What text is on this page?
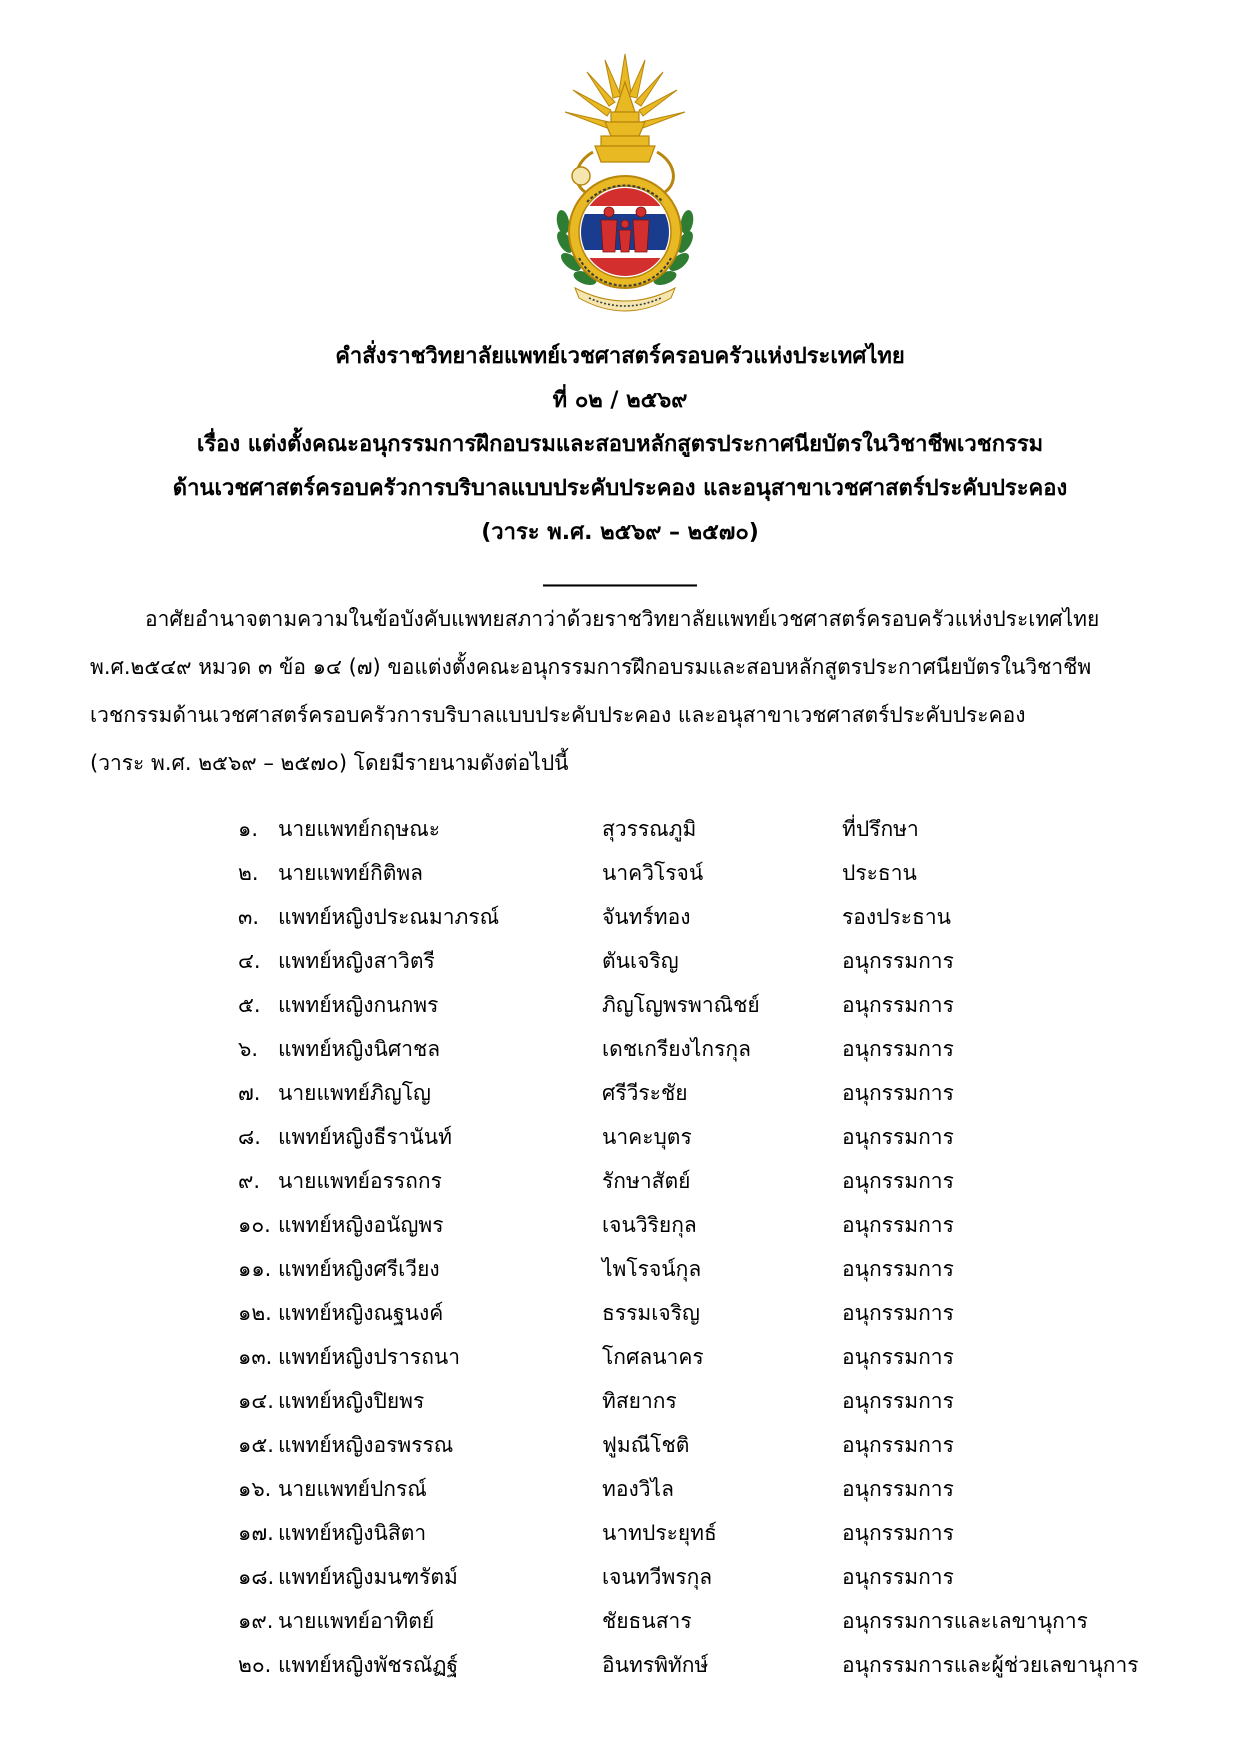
คำสั่งราชวิทยาลัยแพทย์เวชศาสตร์ครอบครัวแห่งประเทศไทย
ที่ ๐๒ / ๒๕๖๙
เรื่อง แต่งตั้งคณะอนุกรรมการฝึกอบรมและสอบหลักสูตรประกาศนียบัตรในวิชาชีพเวชกรรม
ด้านเวชศาสตร์ครอบครัวการบริบาลแบบประคับประคอง และอนุสาขาเวชศาสตร์ประคับประคอง
(วาระ พ.ศ. ๒๕๖๙ – ๒๕๗๐)
______________
อาศัยอำนาจตามความในข้อบังคับแพทยสภาว่าด้วยราชวิทยาลัยแพทย์เวชศาสตร์ครอบครัวแห่งประเทศไทย
พ.ศ.๒๕๔๙ หมวด ๓ ข้อ ๑๔ (๗) ขอแต่งตั้งคณะอนุกรรมการฝึกอบรมและสอบหลักสูตรประกาศนียบัตรในวิชาชีพ
เวชกรรมด้านเวชศาสตร์ครอบครัวการบริบาลแบบประคับประคอง และอนุสาขาเวชศาสตร์ประคับประคอง
(วาระ พ.ศ. ๒๕๖๙ – ๒๕๗๐) โดยมีรายนามดังต่อไปนี้
๑. นายแพทย์กฤษณะ	สุวรรณภูมิ	ที่ปรึกษา
๒. นายแพทย์กิติพล	นาควิโรจน์	ประธาน
๓. แพทย์หญิงประณมาภรณ์	จันทร์ทอง	รองประธาน
๔. แพทย์หญิงสาวิตรี	ตันเจริญ	อนุกรรมการ
๕. แพทย์หญิงกนกพร	ภิญโญพรพาณิชย์	อนุกรรมการ
๖. แพทย์หญิงนิศาชล	เดชเกรียงไกรกุล	อนุกรรมการ
๗. นายแพทย์ภิญโญ	ศรีวีระชัย	อนุกรรมการ
๘. แพทย์หญิงธีรานันท์	นาคะบุตร	อนุกรรมการ
๙. นายแพทย์อรรถกร	รักษาสัตย์	อนุกรรมการ
๑๐. แพทย์หญิงอนัญพร	เจนวิริยกุล	อนุกรรมการ
๑๑. แพทย์หญิงศรีเวียง	ไพโรจน์กุล	อนุกรรมการ
๑๒. แพทย์หญิงณฐนงค์	ธรรมเจริญ	อนุกรรมการ
๑๓. แพทย์หญิงปรารถนา	โกศลนาคร	อนุกรรมการ
๑๔. แพทย์หญิงปิยพร	ทิสยากร	อนุกรรมการ
๑๕. แพทย์หญิงอรพรรณ	ฟูมณีโชติ	อนุกรรมการ
๑๖. นายแพทย์ปกรณ์	ทองวิไล	อนุกรรมการ
๑๗. แพทย์หญิงนิสิตา	นาทประยุทธ์	อนุกรรมการ
๑๘. แพทย์หญิงมนฑรัตม์	เจนทวีพรกุล	อนุกรรมการ
๑๙. นายแพทย์อาทิตย์	ชัยธนสาร	อนุกรรมการและเลขานุการ
๒๐. แพทย์หญิงพัชรณัฏฐ์	อินทรพิทักษ์	อนุกรรมการและผู้ช่วยเลขานุการ
